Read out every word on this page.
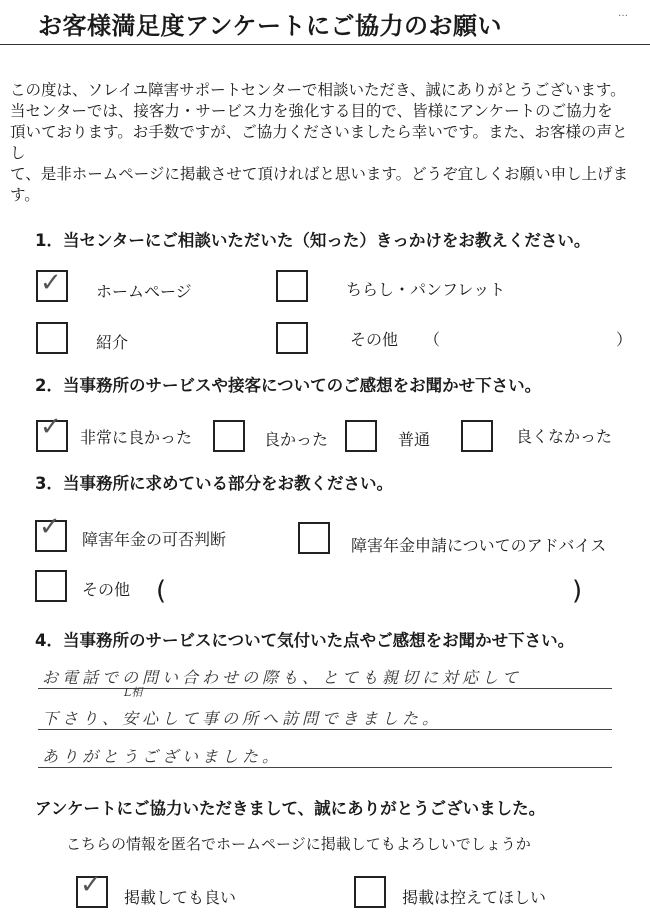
お客様満足度アンケートにご協力のお願い	…
この度は、ソレイユ障害サポートセンターで相談いただき、誠にありがとうございます。
当センターでは、接客力・サービス力を強化する目的で、皆様にアンケートのご協力を
頂いております。お手数ですが、ご協力くださいましたら幸いです。また、お客様の声とし
て、是非ホームページに掲載させて頂ければと思います。どうぞ宜しくお願い申し上げま
す。
1．当センターにご相談いただいた（知った）きっかけをお教えください。
✓ ホームページ	ちらし・パンフレット
紹介	その他 （	）
2．当事務所のサービスや接客についてのご感想をお聞かせ下さい。
✓ 非常に良かった	良かった	普通	良くなかった
3．当事務所に求めている部分をお教ください。
✓ 障害年金の可否判断	障害年金申請についてのアドバイス
その他 (	)
4．当事務所のサービスについて気付いた点やご感想をお聞かせ下さい。
お電話での問い合わせの際も、とても親切に対応して
L相
下さり、安心して事の所へ訪問できました。
ありがとうございました。
アンケートにご協力いただきまして、誠にありがとうございました。
こちらの情報を匿名でホームページに掲載してもよろしいでしょうか
✓ 掲載しても良い	掲載は控えてほしい
